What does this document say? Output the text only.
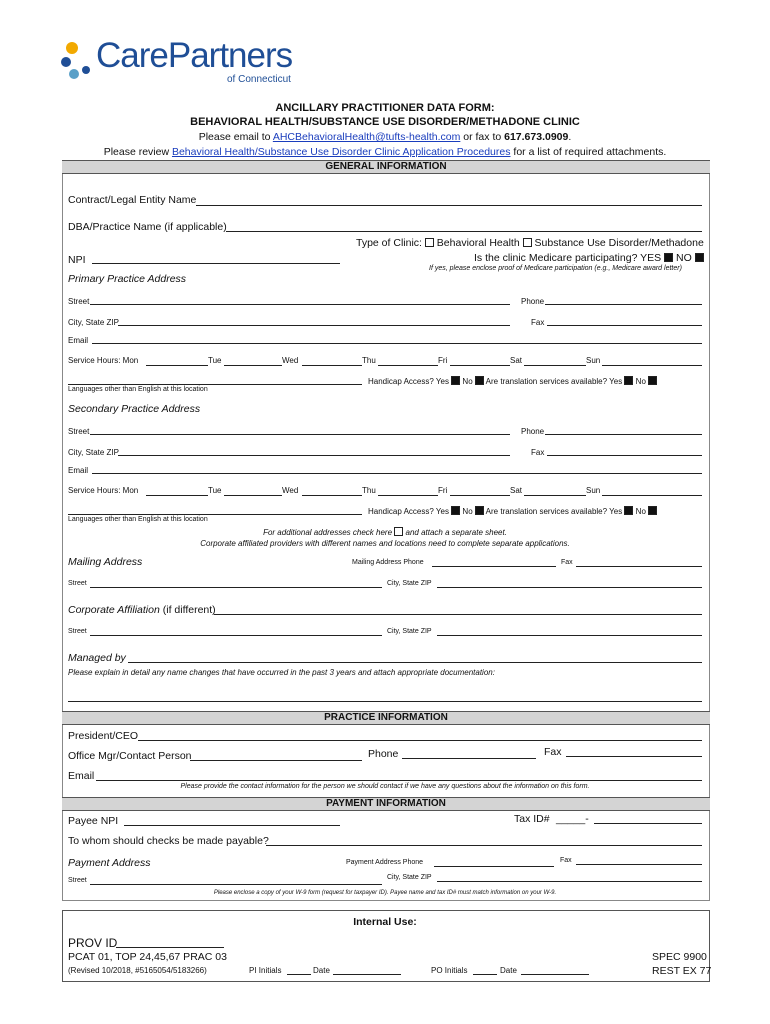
CarePartners
of Connecticut
ANCILLARY PRACTITIONER DATA FORM:
BEHAVIORAL HEALTH/SUBSTANCE USE DISORDER/METHADONE CLINIC
Please email to AHCBehavioralHealth@tufts-health.com or fax to 617.673.0909.
Please review Behavioral Health/Substance Use Disorder Clinic Application Procedures for a list of required attachments.
GENERAL INFORMATION
Contract/Legal Entity Name
DBA/Practice Name (if applicable)
Type of Clinic: Behavioral Health Substance Use Disorder/Methadone
NPI	Is the clinic Medicare participating? YES NO
If yes, please enclose proof of Medicare participation (e.g., Medicare award letter)
Primary Practice Address
Street	Phone
City, State ZIP	Fax
Email
Service Hours: Mon	Tue	Wed	Thu	Fri	Sat	Sun
Languages other than English at this location
Handicap Access? Yes No Are translation services available? Yes No
Secondary Practice Address
Street	Phone
City, State ZIP	Fax
Email
Service Hours: Mon	Tue	Wed	Thu	Fri	Sat	Sun
Languages other than English at this location
Handicap Access? Yes No Are translation services available? Yes No
For additional addresses check here and attach a separate sheet.
Corporate affiliated providers with different names and locations need to complete separate applications.
Mailing Address	Mailing Address Phone	Fax
Street	City, State ZIP
Corporate Affiliation (if different)
Street	City, State ZIP
Managed by
Please explain in detail any name changes that have occurred in the past 3 years and attach appropriate documentation:
PRACTICE INFORMATION
President/CEO
Office Mgr/Contact Person	Phone	Fax
Email
Please provide the contact information for the person we should contact if we have any questions about the information on this form.
PAYMENT INFORMATION
Payee NPI	Tax ID# _____-
To whom should checks be made payable?
Payment Address	Payment Address Phone	Fax
Street	City, State ZIP
Please enclose a copy of your W-9 form (request for taxpayer ID). Payee name and tax ID# must match information on your W-9.
Internal Use:
PROV ID
PCAT 01, TOP 24,45,67 PRAC 03
(Revised 10/2018, #5165054/5183266)	PI Initials	Date	PO Initials	Date
SPEC 9900
REST EX 77
